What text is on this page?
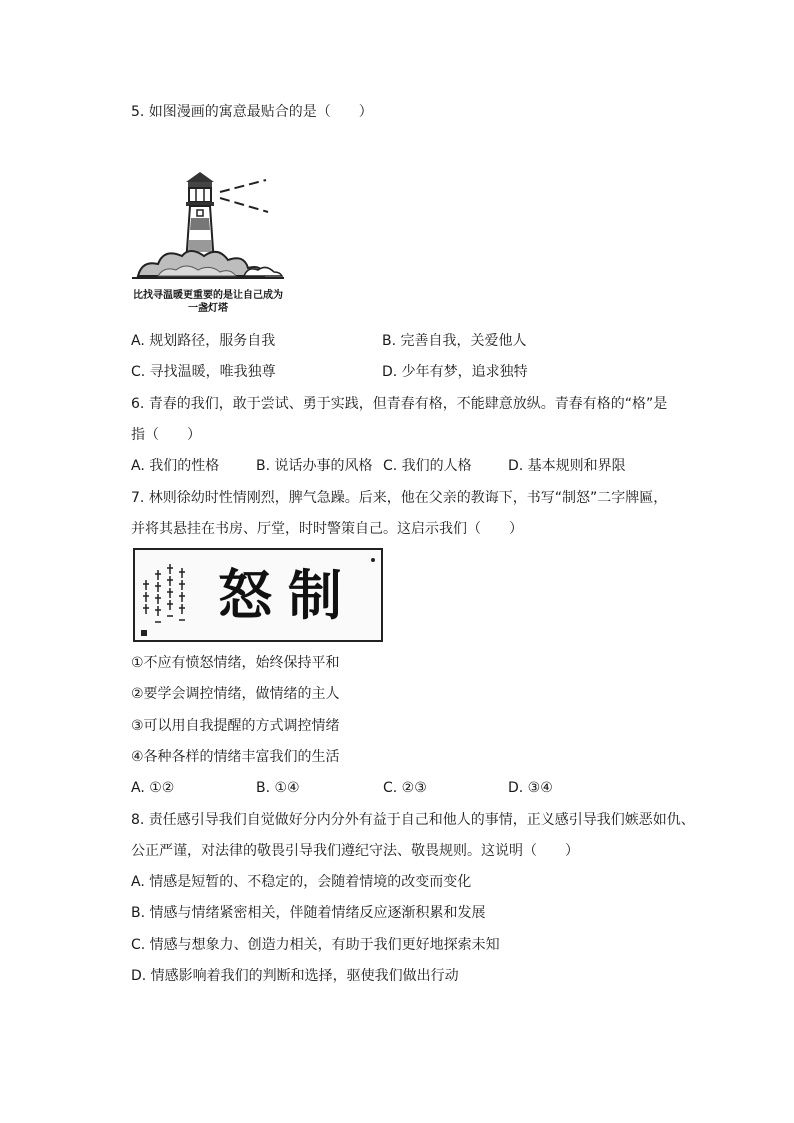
5. 如图漫画的寓意最贴合的是（　　）
比找寻温暖更重要的是让自己成为
一盏灯塔
A. 规划路径，服务自我	B. 完善自我，关爱他人
C. 寻找温暖，唯我独尊	D. 少年有梦，追求独特
6. 青春的我们，敢于尝试、勇于实践，但青春有格，不能肆意放纵。青春有格的“格”是
指（　　）
A. 我们的性格	B. 说话办事的风格 C. 我们的人格	D. 基本规则和界限
7. 林则徐幼时性情刚烈，脾气急躁。后来，他在父亲的教诲下，书写“制怒”二字牌匾，
并将其悬挂在书房、厅堂，时时警策自己。这启示我们（　　）
制怒
①不应有愤怒情绪，始终保持平和
②要学会调控情绪，做情绪的主人
③可以用自我提醒的方式调控情绪
④各种各样的情绪丰富我们的生活
A. ①②	B. ①④	C. ②③	D. ③④
8. 责任感引导我们自觉做好分内分外有益于自己和他人的事情，正义感引导我们嫉恶如仇、
公正严谨，对法律的敬畏引导我们遵纪守法、敬畏规则。这说明（　　）
A. 情感是短暂的、不稳定的，会随着情境的改变而变化
B. 情感与情绪紧密相关，伴随着情绪反应逐渐积累和发展
C. 情感与想象力、创造力相关，有助于我们更好地探索未知
D. 情感影响着我们的判断和选择，驱使我们做出行动
